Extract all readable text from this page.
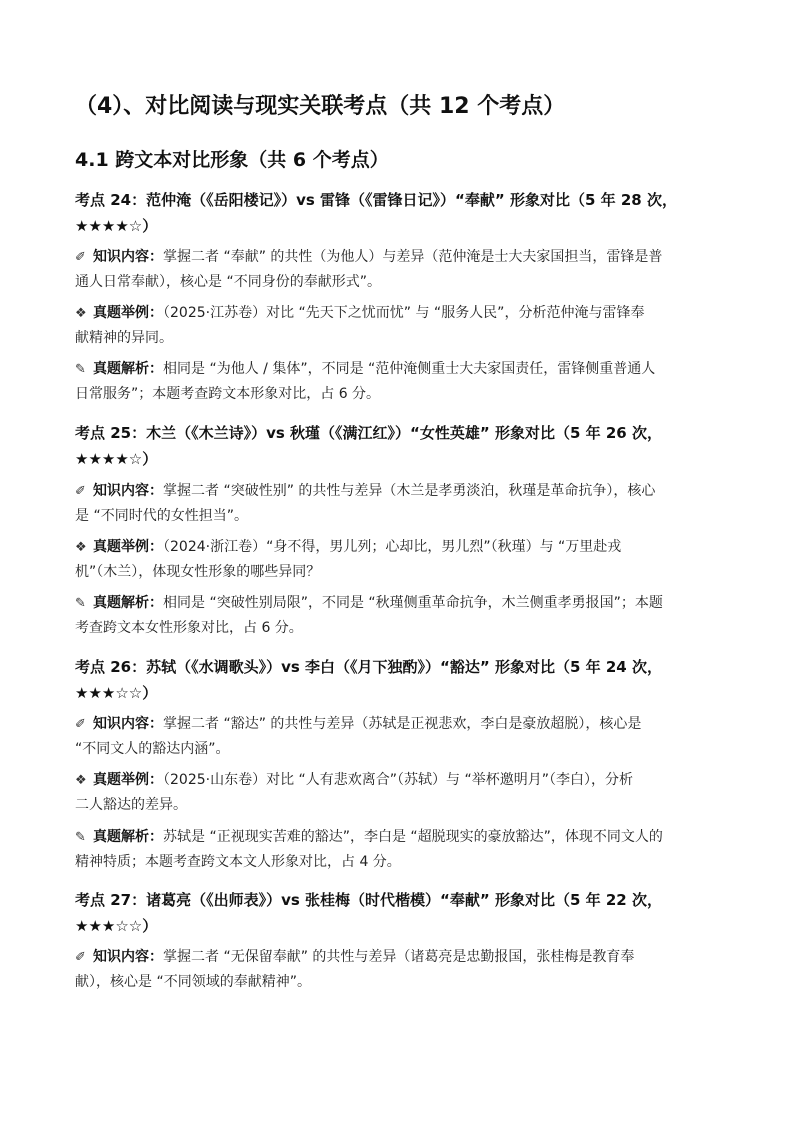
（4）、对比阅读与现实关联考点（共 12 个考点）
4.1 跨文本对比形象（共 6 个考点）
考点 24：范仲淹（《岳阳楼记》）vs 雷锋（《雷锋日记》）“奉献” 形象对比（5 年 28 次，
★★★★☆）
✐ 知识内容：掌握二者 “奉献” 的共性（为他人）与差异（范仲淹是士大夫家国担当，雷锋是普
通人日常奉献），核心是 “不同身份的奉献形式”。
❖ 真题举例：（2025·江苏卷）对比 “先天下之忧而忧” 与 “服务人民”，分析范仲淹与雷锋奉
献精神的异同。
✎ 真题解析：相同是 “为他人 / 集体”，不同是 “范仲淹侧重士大夫家国责任，雷锋侧重普通人
日常服务”；本题考查跨文本形象对比，占 6 分。
考点 25：木兰（《木兰诗》）vs 秋瑾（《满江红》）“女性英雄” 形象对比（5 年 26 次，
★★★★☆）
✐ 知识内容：掌握二者 “突破性别” 的共性与差异（木兰是孝勇淡泊，秋瑾是革命抗争），核心
是 “不同时代的女性担当”。
❖ 真题举例：（2024·浙江卷）“身不得，男儿列；心却比，男儿烈”（秋瑾）与 “万里赴戎
机”（木兰），体现女性形象的哪些异同？
✎ 真题解析：相同是 “突破性别局限”，不同是 “秋瑾侧重革命抗争，木兰侧重孝勇报国”；本题
考查跨文本女性形象对比，占 6 分。
考点 26：苏轼（《水调歌头》）vs 李白（《月下独酌》）“豁达” 形象对比（5 年 24 次，
★★★☆☆）
✐ 知识内容：掌握二者 “豁达” 的共性与差异（苏轼是正视悲欢，李白是豪放超脱），核心是
“不同文人的豁达内涵”。
❖ 真题举例：（2025·山东卷）对比 “人有悲欢离合”（苏轼）与 “举杯邀明月”（李白），分析
二人豁达的差异。
✎ 真题解析：苏轼是 “正视现实苦难的豁达”，李白是 “超脱现实的豪放豁达”，体现不同文人的
精神特质；本题考查跨文本文人形象对比，占 4 分。
考点 27：诸葛亮（《出师表》）vs 张桂梅（时代楷模）“奉献” 形象对比（5 年 22 次，
★★★☆☆）
✐ 知识内容：掌握二者 “无保留奉献” 的共性与差异（诸葛亮是忠勤报国，张桂梅是教育奉
献），核心是 “不同领域的奉献精神”。
